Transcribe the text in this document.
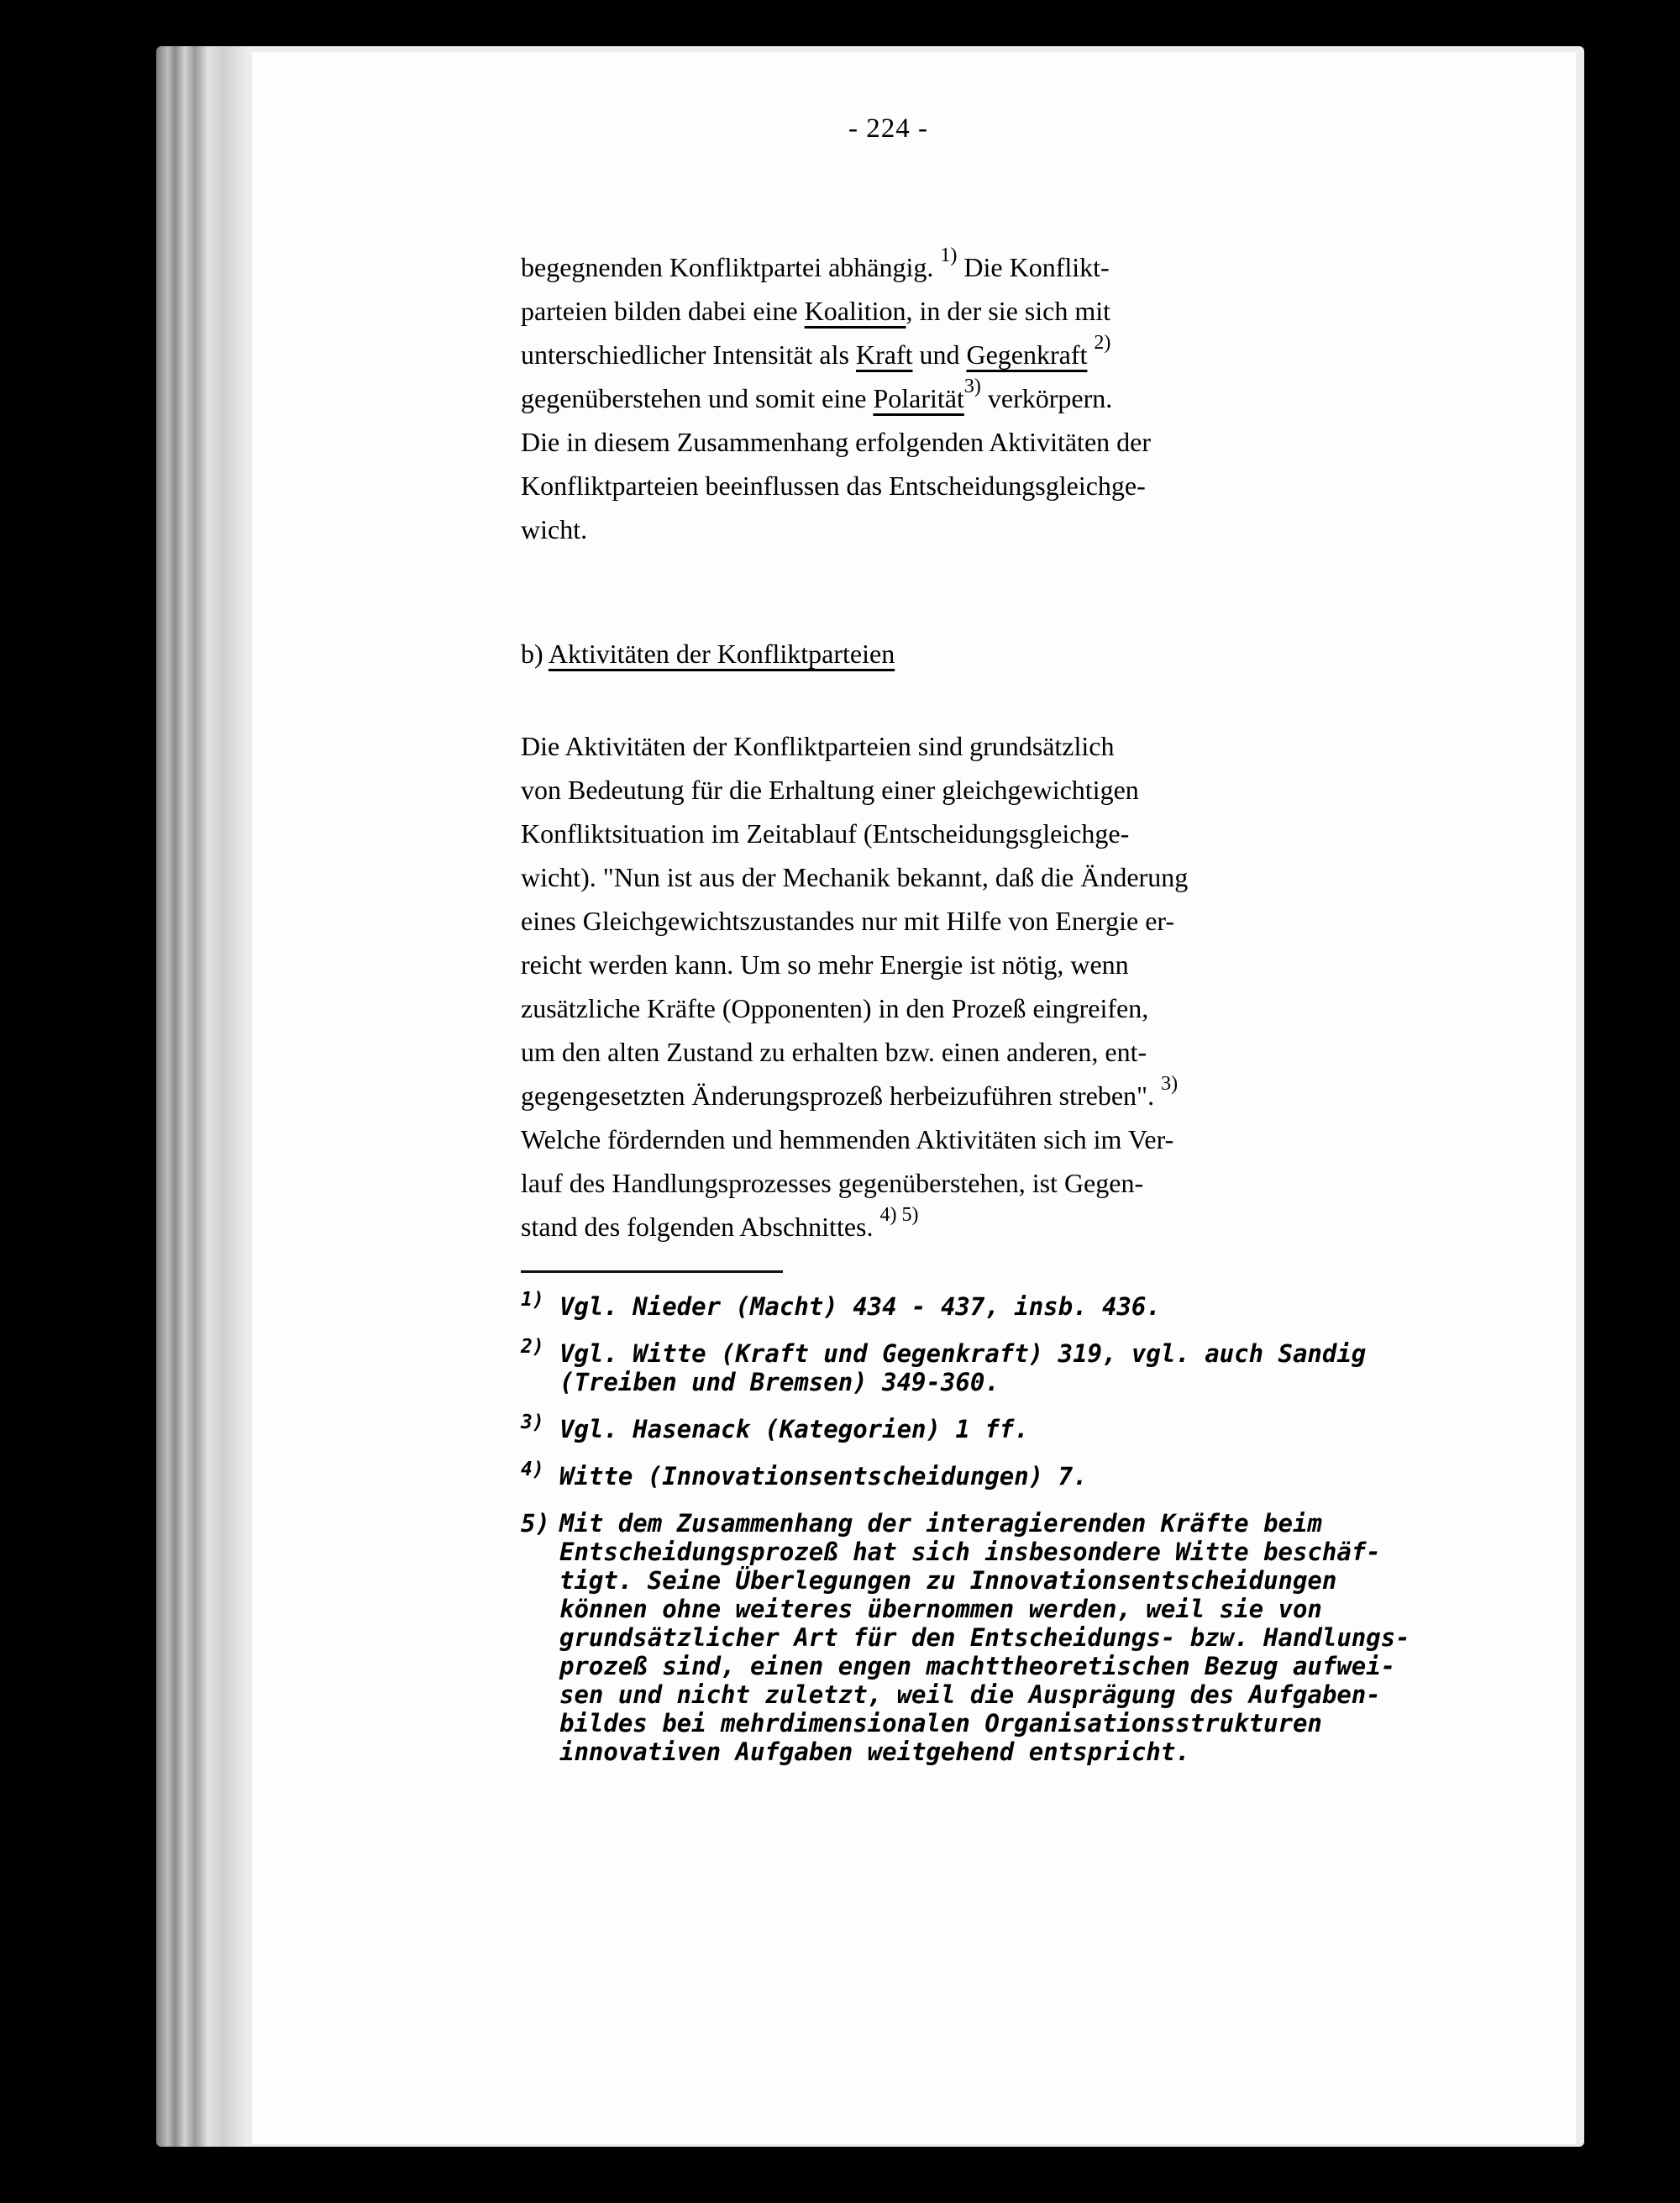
- 224 -
begegnenden Konfliktpartei abhängig. $^{1)}$ Die Konflikt-
parteien bilden dabei eine Koalition, in der sie sich mit
unterschiedlicher Intensität als Kraft und Gegenkraft $^{2)}$
gegenüberstehen und somit eine Polarität$^{3)}$ verkörpern.
Die in diesem Zusammenhang erfolgenden Aktivitäten der
Konfliktparteien beeinflussen das Entscheidungsgleichge-
wicht.
b) Aktivitäten der Konfliktparteien
Die Aktivitäten der Konfliktparteien sind grundsätzlich
von Bedeutung für die Erhaltung einer gleichgewichtigen
Konfliktsituation im Zeitablauf (Entscheidungsgleichge-
wicht). "Nun ist aus der Mechanik bekannt, daß die Änderung
eines Gleichgewichtszustandes nur mit Hilfe von Energie er-
reicht werden kann. Um so mehr Energie ist nötig, wenn
zusätzliche Kräfte (Opponenten) in den Prozeß eingreifen,
um den alten Zustand zu erhalten bzw. einen anderen, ent-
gegengesetzten Änderungsprozeß herbeizuführen streben". $^{3)}$
Welche fördernden und hemmenden Aktivitäten sich im Ver-
lauf des Handlungsprozesses gegenüberstehen, ist Gegen-
stand des folgenden Abschnittes. $^{4) 5)}$
1) Vgl. Nieder (Macht) 434 - 437, insb. 436.
2) Vgl. Witte (Kraft und Gegenkraft) 319, vgl. auch Sandig
(Treiben und Bremsen) 349-360.
3) Vgl. Hasenack (Kategorien) 1 ff.
4) Witte (Innovationsentscheidungen) 7.
5) Mit dem Zusammenhang der interagierenden Kräfte beim
Entscheidungsprozeß hat sich insbesondere Witte beschäf-
tigt. Seine Überlegungen zu Innovationsentscheidungen
können ohne weiteres übernommen werden, weil sie von
grundsätzlicher Art für den Entscheidungs- bzw. Handlungs-
prozeß sind, einen engen machttheoretischen Bezug aufwei-
sen und nicht zuletzt, weil die Ausprägung des Aufgaben-
bildes bei mehrdimensionalen Organisationsstrukturen
innovativen Aufgaben weitgehend entspricht.
